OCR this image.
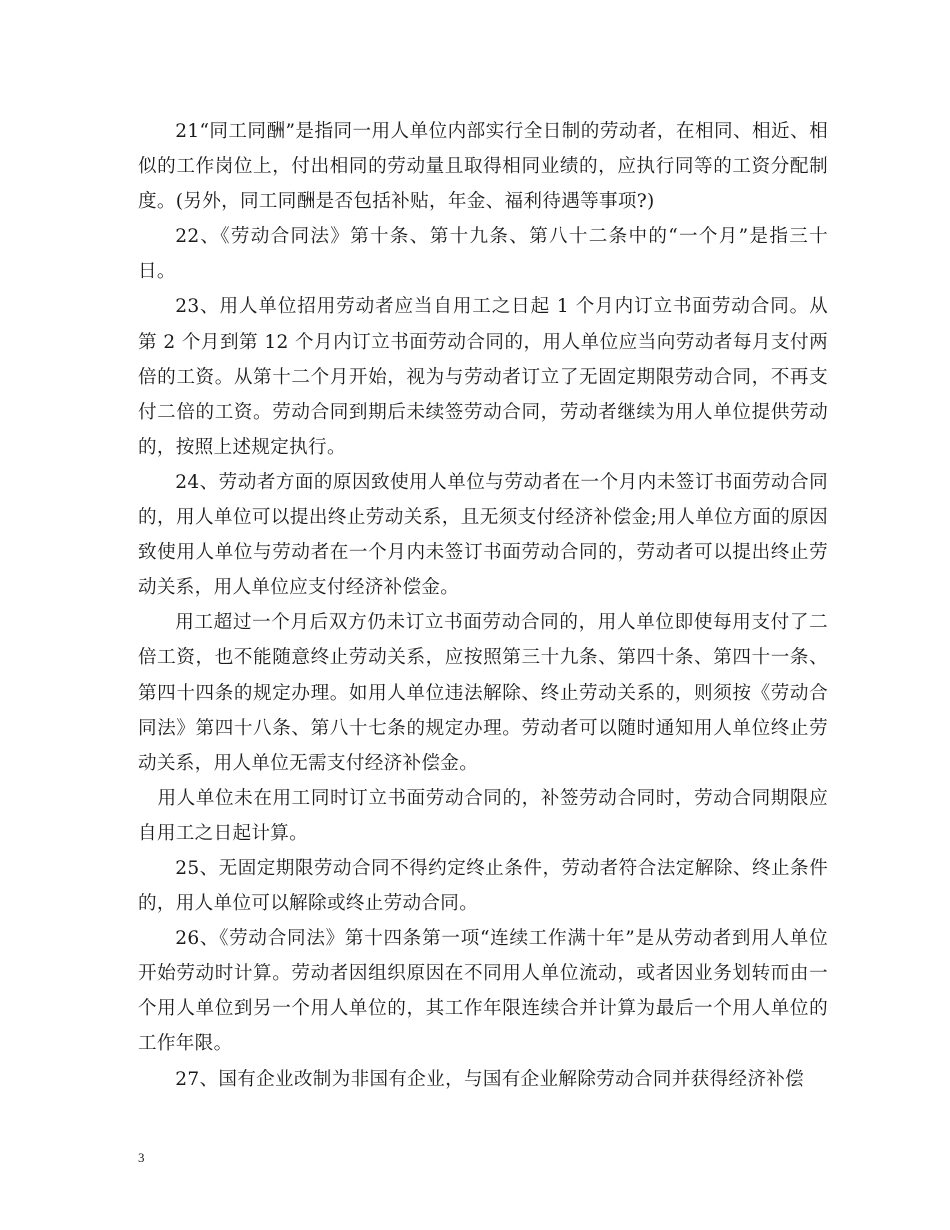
21“同工同酬”是指同一用人单位内部实行全日制的劳动者，在相同、相近、相似的工作岗位上，付出相同的劳动量且取得相同业绩的，应执行同等的工资分配制度。(另外，同工同酬是否包括补贴，年金、福利待遇等事项?)

22、《劳动合同法》第十条、第十九条、第八十二条中的“一个月”是指三十日。

23、用人单位招用劳动者应当自用工之日起 1 个月内订立书面劳动合同。从第 2 个月到第 12 个月内订立书面劳动合同的，用人单位应当向劳动者每月支付两倍的工资。从第十二个月开始，视为与劳动者订立了无固定期限劳动合同，不再支付二倍的工资。劳动合同到期后未续签劳动合同，劳动者继续为用人单位提供劳动的，按照上述规定执行。

24、劳动者方面的原因致使用人单位与劳动者在一个月内未签订书面劳动合同的，用人单位可以提出终止劳动关系，且无须支付经济补偿金;用人单位方面的原因致使用人单位与劳动者在一个月内未签订书面劳动合同的，劳动者可以提出终止劳动关系，用人单位应支付经济补偿金。

用工超过一个月后双方仍未订立书面劳动合同的，用人单位即使每用支付了二倍工资，也不能随意终止劳动关系，应按照第三十九条、第四十条、第四十一条、第四十四条的规定办理。如用人单位违法解除、终止劳动关系的，则须按《劳动合同法》第四十八条、第八十七条的规定办理。劳动者可以随时通知用人单位终止劳动关系，用人单位无需支付经济补偿金。

用人单位未在用工同时订立书面劳动合同的，补签劳动合同时，劳动合同期限应自用工之日起计算。

25、无固定期限劳动合同不得约定终止条件，劳动者符合法定解除、终止条件的，用人单位可以解除或终止劳动合同。

26、《劳动合同法》第十四条第一项“连续工作满十年”是从劳动者到用人单位开始劳动时计算。劳动者因组织原因在不同用人单位流动，或者因业务划转而由一个用人单位到另一个用人单位的，其工作年限连续合并计算为最后一个用人单位的工作年限。

27、国有企业改制为非国有企业，与国有企业解除劳动合同并获得经济补偿

3
